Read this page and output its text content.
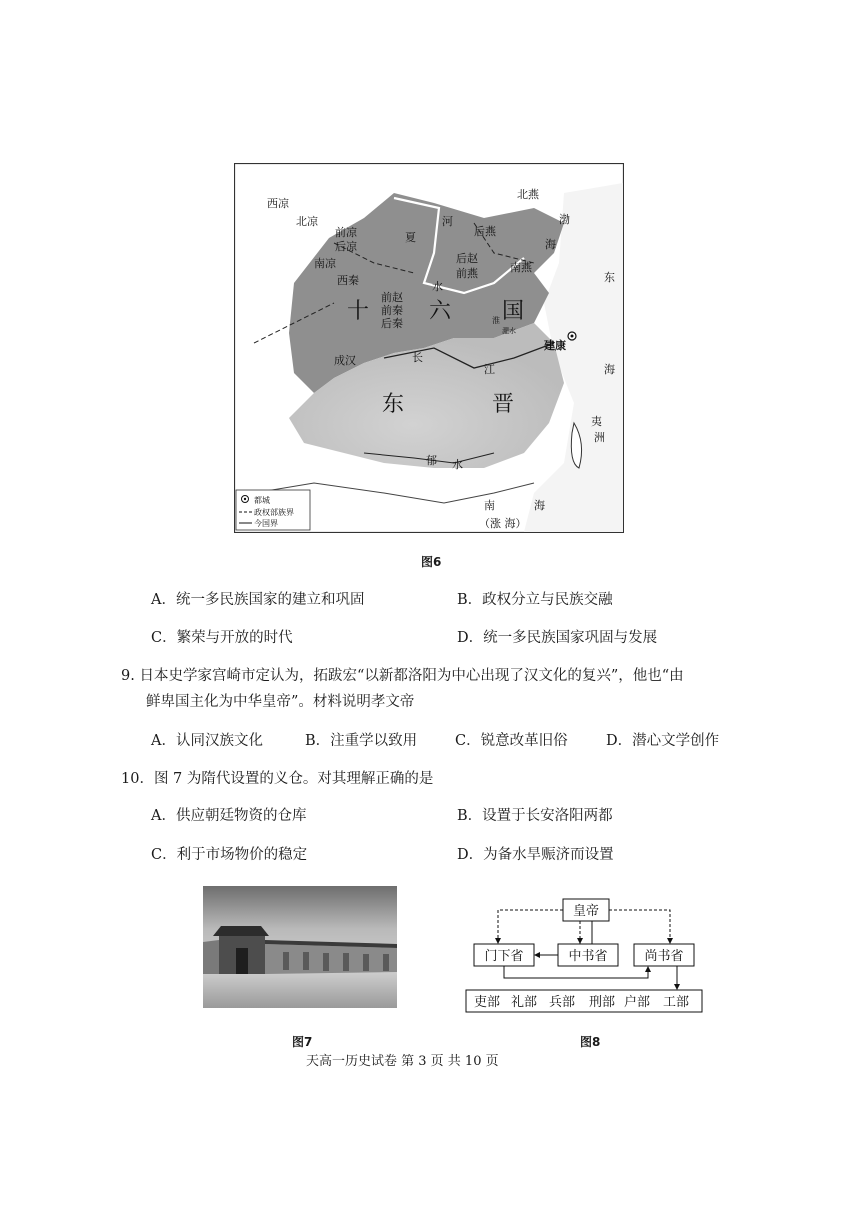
西凉
北凉
前凉
后凉
南凉
西秦
夏
河
水
后燕
后赵
前燕
北燕
渤
海
南燕
前赵
前秦
后秦
淝水
淮
建康
成汉	长
江
东
海
夷
洲
郁 水
南	海
（涨 海）
十	六 国
东	晋
都城
政权部族界
今国界
图6
A．统一多民族国家的建立和巩固	B．政权分立与民族交融
C．繁荣与开放的时代	D．统一多民族国家巩固与发展
9. 日本史学家宫崎市定认为，拓跋宏“以新都洛阳为中心出现了汉文化的复兴”，他也“由
鲜卑国主化为中华皇帝”。材料说明孝文帝
A．认同汉族文化	B．注重学以致用	C．锐意改革旧俗	D．潜心文学创作
10．图 7 为隋代设置的义仓。对其理解正确的是
A．供应朝廷物资的仓库	B．设置于长安洛阳两都
C．利于市场物价的稳定	D．为备水旱赈济而设置
图7
皇帝
门下省	中书省	尚书省
吏部 礼部 兵部 刑部 户部 工部
图8
天高一历史试卷 第 3 页 共 10 页
